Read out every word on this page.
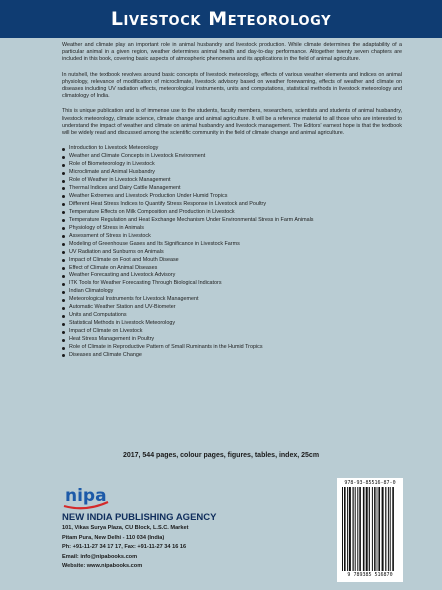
Livestock Meteorology

Weather and climate play an important role in animal husbandry and livestock production. While climate determines the adaptability of a particular animal in a given region, weather determines animal health and day-to-day performance. Altogether twenty seven chapters are included in this book, covering basic aspects of atmospheric phenomena and its applications in the field of animal agriculture.

In nutshell, the textbook revolves around basic concepts of livestock meteorology, effects of various weather elements and indices on animal physiology, relevance of modification of microclimate, livestock advisory based on weather forewarning, effects of weather and climate on diseases including UV radiation effects, meteorological instruments, units and computations, statistical methods in livestock meteorology and climatology of India.

This is unique publication and is of immense use to the students, faculty members, researchers, scientists and students of animal husbandry, livestock meteorology, climate science, climate change and animal agriculture. It will be a reference material to all those who are interested to understand the impact of weather and climate on animal husbandry and livestock management. The Editors' earnest hope is that the textbook will be widely read and discussed among the scientific community in the field of climate change and animal agriculture.

Introduction to Livestock Meteorology
Weather and Climate Concepts in Livestock Environment
Role of Biometeorology in Livestock
Microclimate and Animal Husbandry
Role of Weather in Livestock Management
Thermal Indices and Dairy Cattle Management
Weather Extremes and Livestock Production Under Humid Tropics
Different Heat Stress Indices to Quantify Stress Response in Livestock and Poultry
Temperature Effects on Milk Composition and Production in Livestock
Temperature Regulation and Heat Exchange Mechanism Under Environmental Stress in Farm Animals
Physiology of Stress in Animals
Assessment of Stress in Livestock
Modeling of Greenhouse Gases and Its Significance in Livestock Farms
UV Radiation and Sunburns on Animals
Impact of Climate on Foot and Mouth Disease
Effect of Climate on Animal Diseases
Weather Forecasting and Livestock Advisory
ITK Tools for Weather Forecasting Through Biological Indicators
Indian Climatology
Meteorological Instruments for Livestock Management
Automatic Weather Station and UV-Biometer
Units and Computations
Statistical Methods in Livestock Meteorology
Impact of Climate on Livestock
Heat Stress Management in Poultry
Role of Climate in Reproductive Pattern of Small Ruminants in the Humid Tropics
Diseases and Climate Change
2017, 544 pages, colour pages, figures, tables, index, 25cm
nipa
NEW INDIA PUBLISHING AGENCY
101, Vikas Surya Plaza, CU Block, L.S.C. Market
Pitam Pura, New Delhi - 110 034 (India)
Ph: +91-11-27 34 17 17, Fax: +91-11-27 34 16 16
Email: info@nipabooks.com
Website: www.nipabooks.com
978-93-85516-87-0
9 789385 516870
